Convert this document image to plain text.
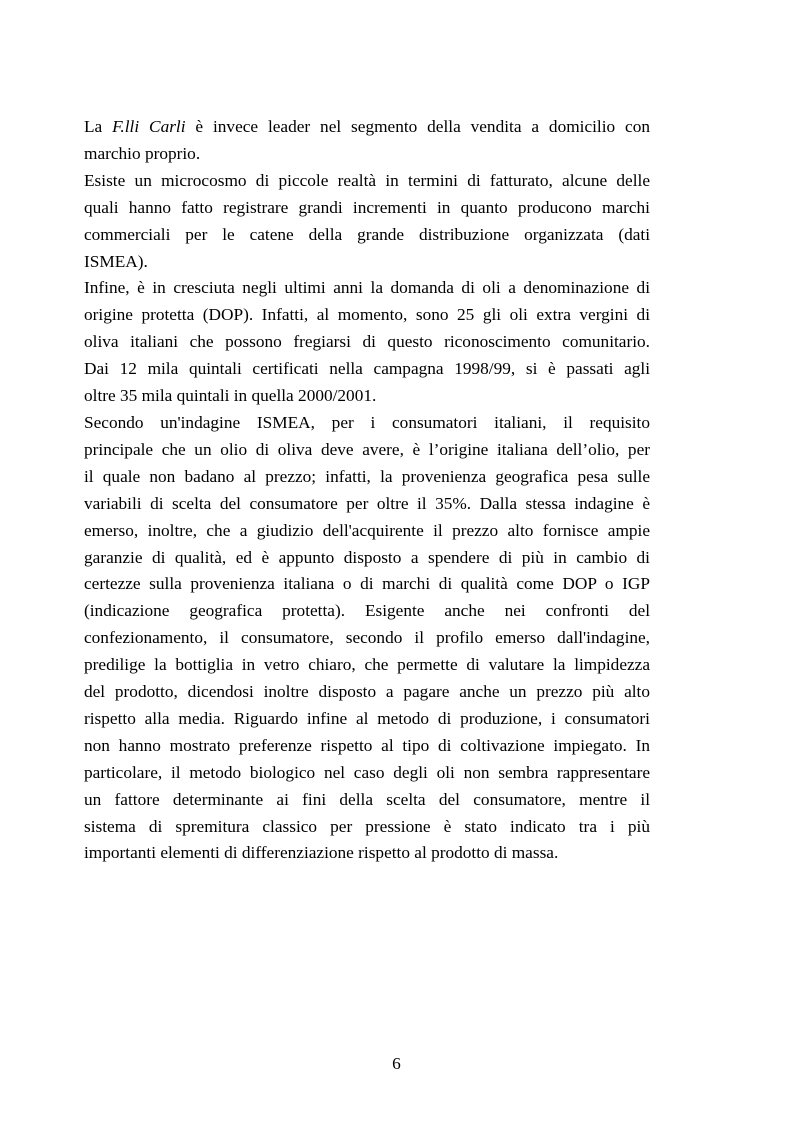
La F.lli Carli è invece leader nel segmento della vendita a domicilio con
marchio proprio.

Esiste un microcosmo di piccole realtà in termini di fatturato, alcune delle
quali hanno fatto registrare grandi incrementi in quanto producono marchi
commerciali per le catene della grande distribuzione organizzata (dati
ISMEA).

Infine, è in cresciuta negli ultimi anni la domanda di oli a denominazione di
origine protetta (DOP). Infatti, al momento, sono 25 gli oli extra vergini di
oliva italiani che possono fregiarsi di questo riconoscimento comunitario.
Dai 12 mila quintali certificati nella campagna 1998/99, si è passati agli
oltre 35 mila quintali in quella 2000/2001.

Secondo un'indagine ISMEA, per i consumatori italiani, il requisito
principale che un olio di oliva deve avere, è l’origine italiana dell’olio, per
il quale non badano al prezzo; infatti, la provenienza geografica pesa sulle
variabili di scelta del consumatore per oltre il 35%. Dalla stessa indagine è
emerso, inoltre, che a giudizio dell'acquirente il prezzo alto fornisce ampie
garanzie di qualità, ed è appunto disposto a spendere di più in cambio di
certezze sulla provenienza italiana o di marchi di qualità come DOP o IGP
(indicazione geografica protetta). Esigente anche nei confronti del
confezionamento, il consumatore, secondo il profilo emerso dall'indagine,
predilige la bottiglia in vetro chiaro, che permette di valutare la limpidezza
del prodotto, dicendosi inoltre disposto a pagare anche un prezzo più alto
rispetto alla media. Riguardo infine al metodo di produzione, i consumatori
non hanno mostrato preferenze rispetto al tipo di coltivazione impiegato. In
particolare, il metodo biologico nel caso degli oli non sembra rappresentare
un fattore determinante ai fini della scelta del consumatore, mentre il
sistema di spremitura classico per pressione è stato indicato tra i più
importanti elementi di differenziazione rispetto al prodotto di massa.

6
